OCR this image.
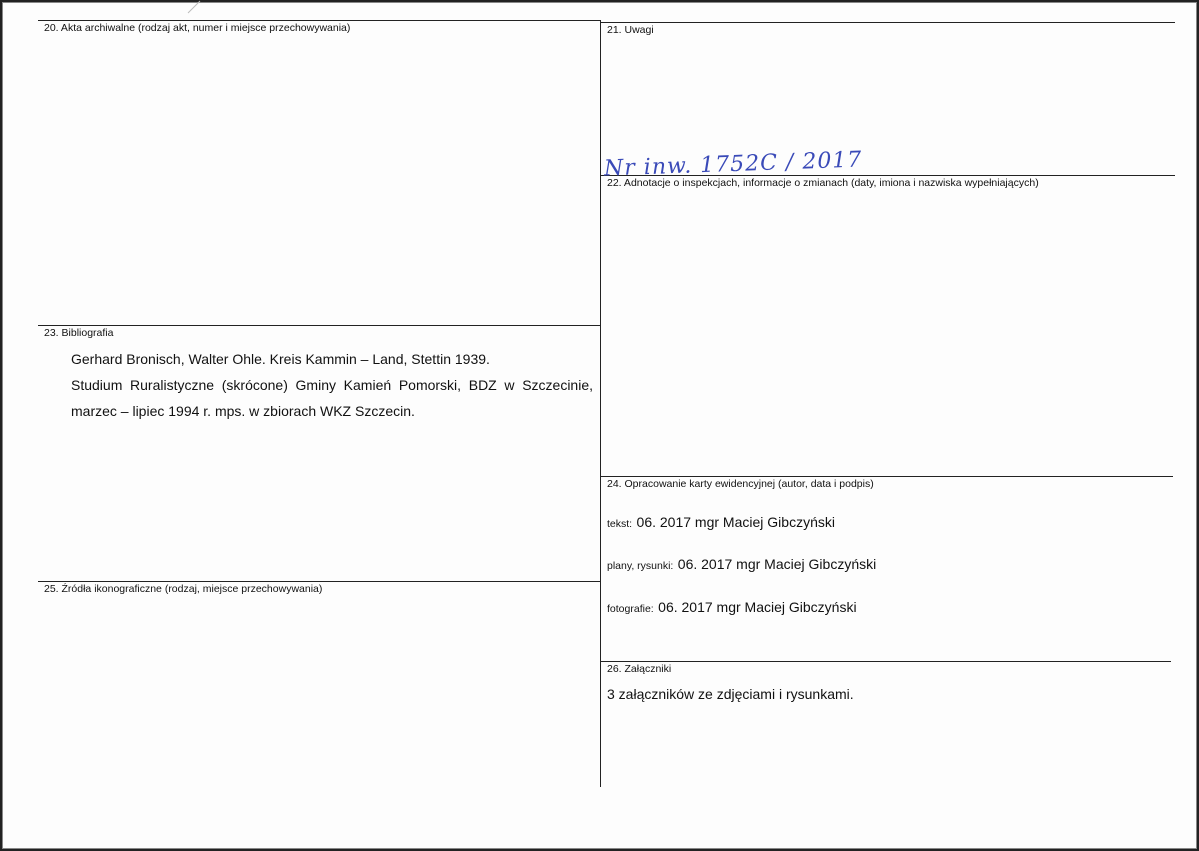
20. Akta archiwalne (rodzaj akt, numer i miejsce przechowywania)	21. Uwagi
Nr inw. 1752C / 2017
22. Adnotacje o inspekcjach, informacje o zmianach (daty, imiona i nazwiska wypełniających)
23. Bibliografia
Gerhard Bronisch, Walter Ohle. Kreis Kammin – Land, Stettin 1939.
Studium Ruralistyczne (skrócone) Gminy Kamień Pomorski, BDZ w Szczecinie, marzec – lipiec 1994 r. mps. w zbiorach WKZ Szczecin.
24. Opracowanie karty ewidencyjnej (autor, data i podpis)
tekst: 06. 2017 mgr Maciej Gibczyński
plany, rysunki: 06. 2017 mgr Maciej Gibczyński
fotografie: 06. 2017 mgr Maciej Gibczyński
25. Źródła ikonograficzne (rodzaj, miejsce przechowywania)
26. Załączniki
3 załączników ze zdjęciami i rysunkami.
